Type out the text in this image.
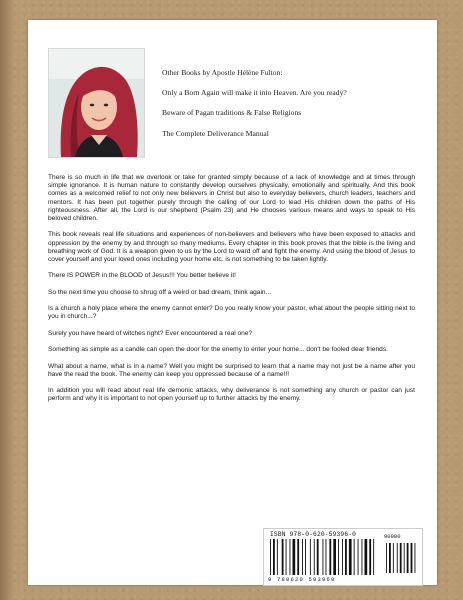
Other Books by Apostle Hélène Fulton:

Only a Born Again will make it into Heaven. Are you ready?

Beware of Pagan traditions & False Religions

The Complete Deliverance Manual

There is so much in life that we overlook or take for granted simply because of a lack of knowledge and at times through simple ignorance. It is human nature to constantly develop ourselves physically, emotionally and spiritually. And this book comes as a welcomed relief to not only new believers in Christ but also to everyday believers, church leaders, teachers and mentors. It has been put together purely through the calling of our Lord to lead His children down the paths of His righteousness. After all, the Lord is our shepherd (Psalm 23) and He chooses various means and ways to speak to His beloved children.

This book reveals real life situations and experiences of non-believers and believers who have been exposed to attacks and oppression by the enemy by and through so many mediums. Every chapter in this book proves that the bible is the living and breathing work of God. It is a weapon given to us by the Lord to ward off and fight the enemy. And using the blood of Jesus to cover yourself and your loved ones including your home etc. is not something to be taken lightly.

There IS POWER in the BLOOD of Jesus!!! You better believe it!

So the next time you choose to shrug off a weird or bad dream, think again...

Is a church a holy place where the enemy cannot enter? Do you really know your pastor, what about the people sitting next to you in church...?

Surely you have heard of witches right? Ever encountered a real one?

Something as simple as a candle can open the door for the enemy to enter your home... don't be fooled dear friends.

What about a name, what is in a name? Well you might be surprised to learn that a name may not just be a name after you have the read the book. The enemy can keep you oppressed because of a name!!!

In addition you will read about real life demonic attacks, why deliverance is not something any church or pastor can just perform and why it is important to not open yourself up to further attacks by the enemy.

ISBN 978-0-620-59396-0	90000
9 780620 593960
